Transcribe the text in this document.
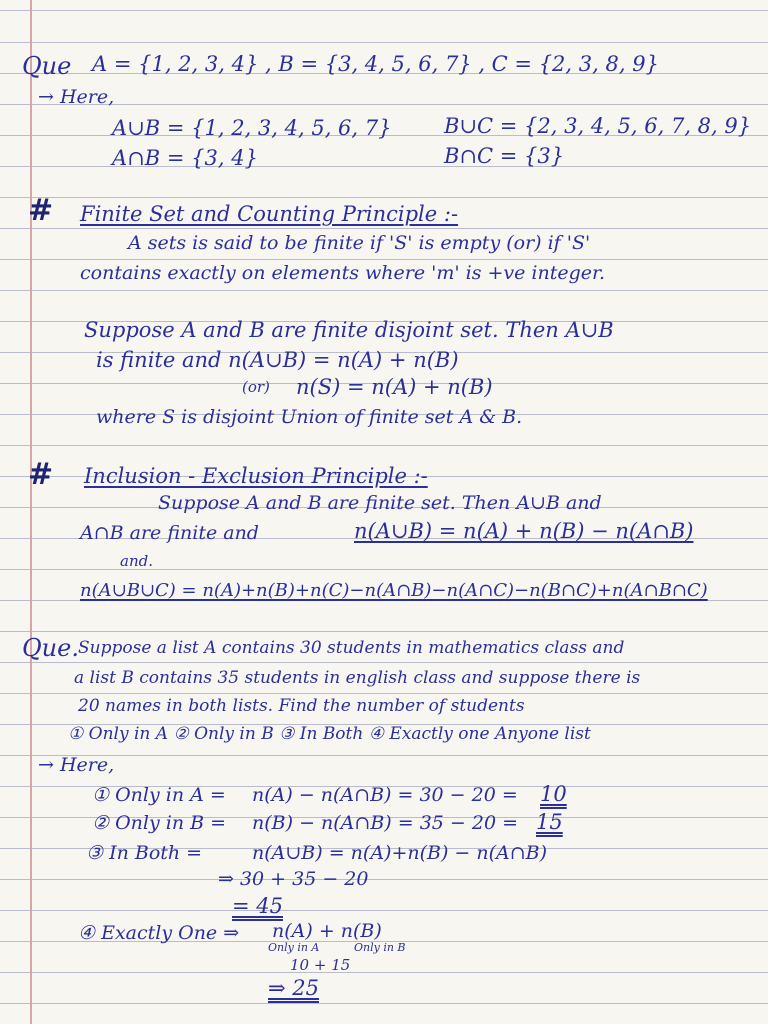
Que A = {1, 2, 3, 4} , B = {3, 4, 5, 6, 7} , C = {2, 3, 8, 9}
→ Here,
A∪B = {1, 2, 3, 4, 5, 6, 7}	B∪C = {2, 3, 4, 5, 6, 7, 8, 9}
A∩B = {3, 4}	B∩C = {3}
# Finite Set and Counting Principle :-
A sets is said to be finite if 'S' is empty (or) if 'S'
contains exactly on elements where 'm' is +ve integer.
Suppose A and B are finite disjoint set. Then A∪B
is finite and n(A∪B) = n(A) + n(B)
(or) n(S) = n(A) + n(B)
where S is disjoint Union of finite set A & B.
# Inclusion - Exclusion Principle :-
Suppose A and B are finite set. Then A∪B and
A∩B are finite and	n(A∪B) = n(A) + n(B) − n(A∩B)
and.
n(A∪B∪C) = n(A)+n(B)+n(C)−n(A∩B)−n(A∩C)−n(B∩C)+n(A∩B∩C)
Que. Suppose a list A contains 30 students in mathematics class and
a list B contains 35 students in english class and suppose there is
20 names in both lists. Find the number of students
① Only in A ② Only in B ③ In Both ④ Exactly one Anyone list
→ Here,
① Only in A = n(A) − n(A∩B) = 30 − 20 = 10
② Only in B = n(B) − n(A∩B) = 35 − 20 = 15
③ In Both =	n(A∪B) = n(A)+n(B) − n(A∩B)
⇒ 30 + 35 − 20
= 45
④ Exactly One ⇒ n(A) + n(B)
Only in A	Only in B
10 + 15
⇒ 25
